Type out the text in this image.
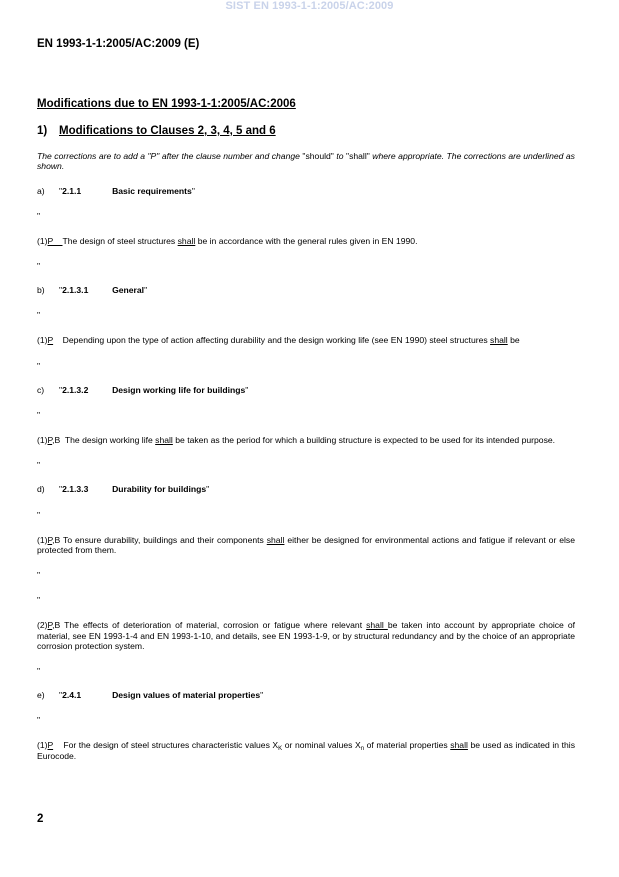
SIST EN 1993-1-1:2005/AC:2009
EN 1993-1-1:2005/AC:2009 (E)
Modifications due to EN 1993-1-1:2005/AC:2006
1) Modifications to Clauses 2, 3, 4, 5 and 6
The corrections are to add a "P" after the clause number and change "should" to "shall" where appropriate. The corrections are underlined as shown.
a) "2.1.1	Basic requirements"
"
(1)P    The design of steel structures shall be in accordance with the general rules given in EN 1990.
"
b) "2.1.3.1	General"
"
(1)P    Depending upon the type of action affecting durability and the design working life (see EN 1990) steel structures shall be
"
c) "2.1.3.2	Design working life for buildings"
"
(1)P,B  The design working life shall be taken as the period for which a building structure is expected to be used for its intended purpose.
"
d) "2.1.3.3	Durability for buildings"
"
(1)P,B To ensure durability, buildings and their components shall either be designed for environmental actions and fatigue if relevant or else protected from them.
"
"
(2)P,B The effects of deterioration of material, corrosion or fatigue where relevant shall be taken into account by appropriate choice of material, see EN 1993-1-4 and EN 1993-1-10, and details, see EN 1993-1-9, or by structural redundancy and by the choice of an appropriate corrosion protection system.
"
e) "2.4.1	Design values of material properties"
"
(1)P    For the design of steel structures characteristic values $X_K$ or nominal values $X_n$ of material properties shall be used as indicated in this Eurocode.
2
